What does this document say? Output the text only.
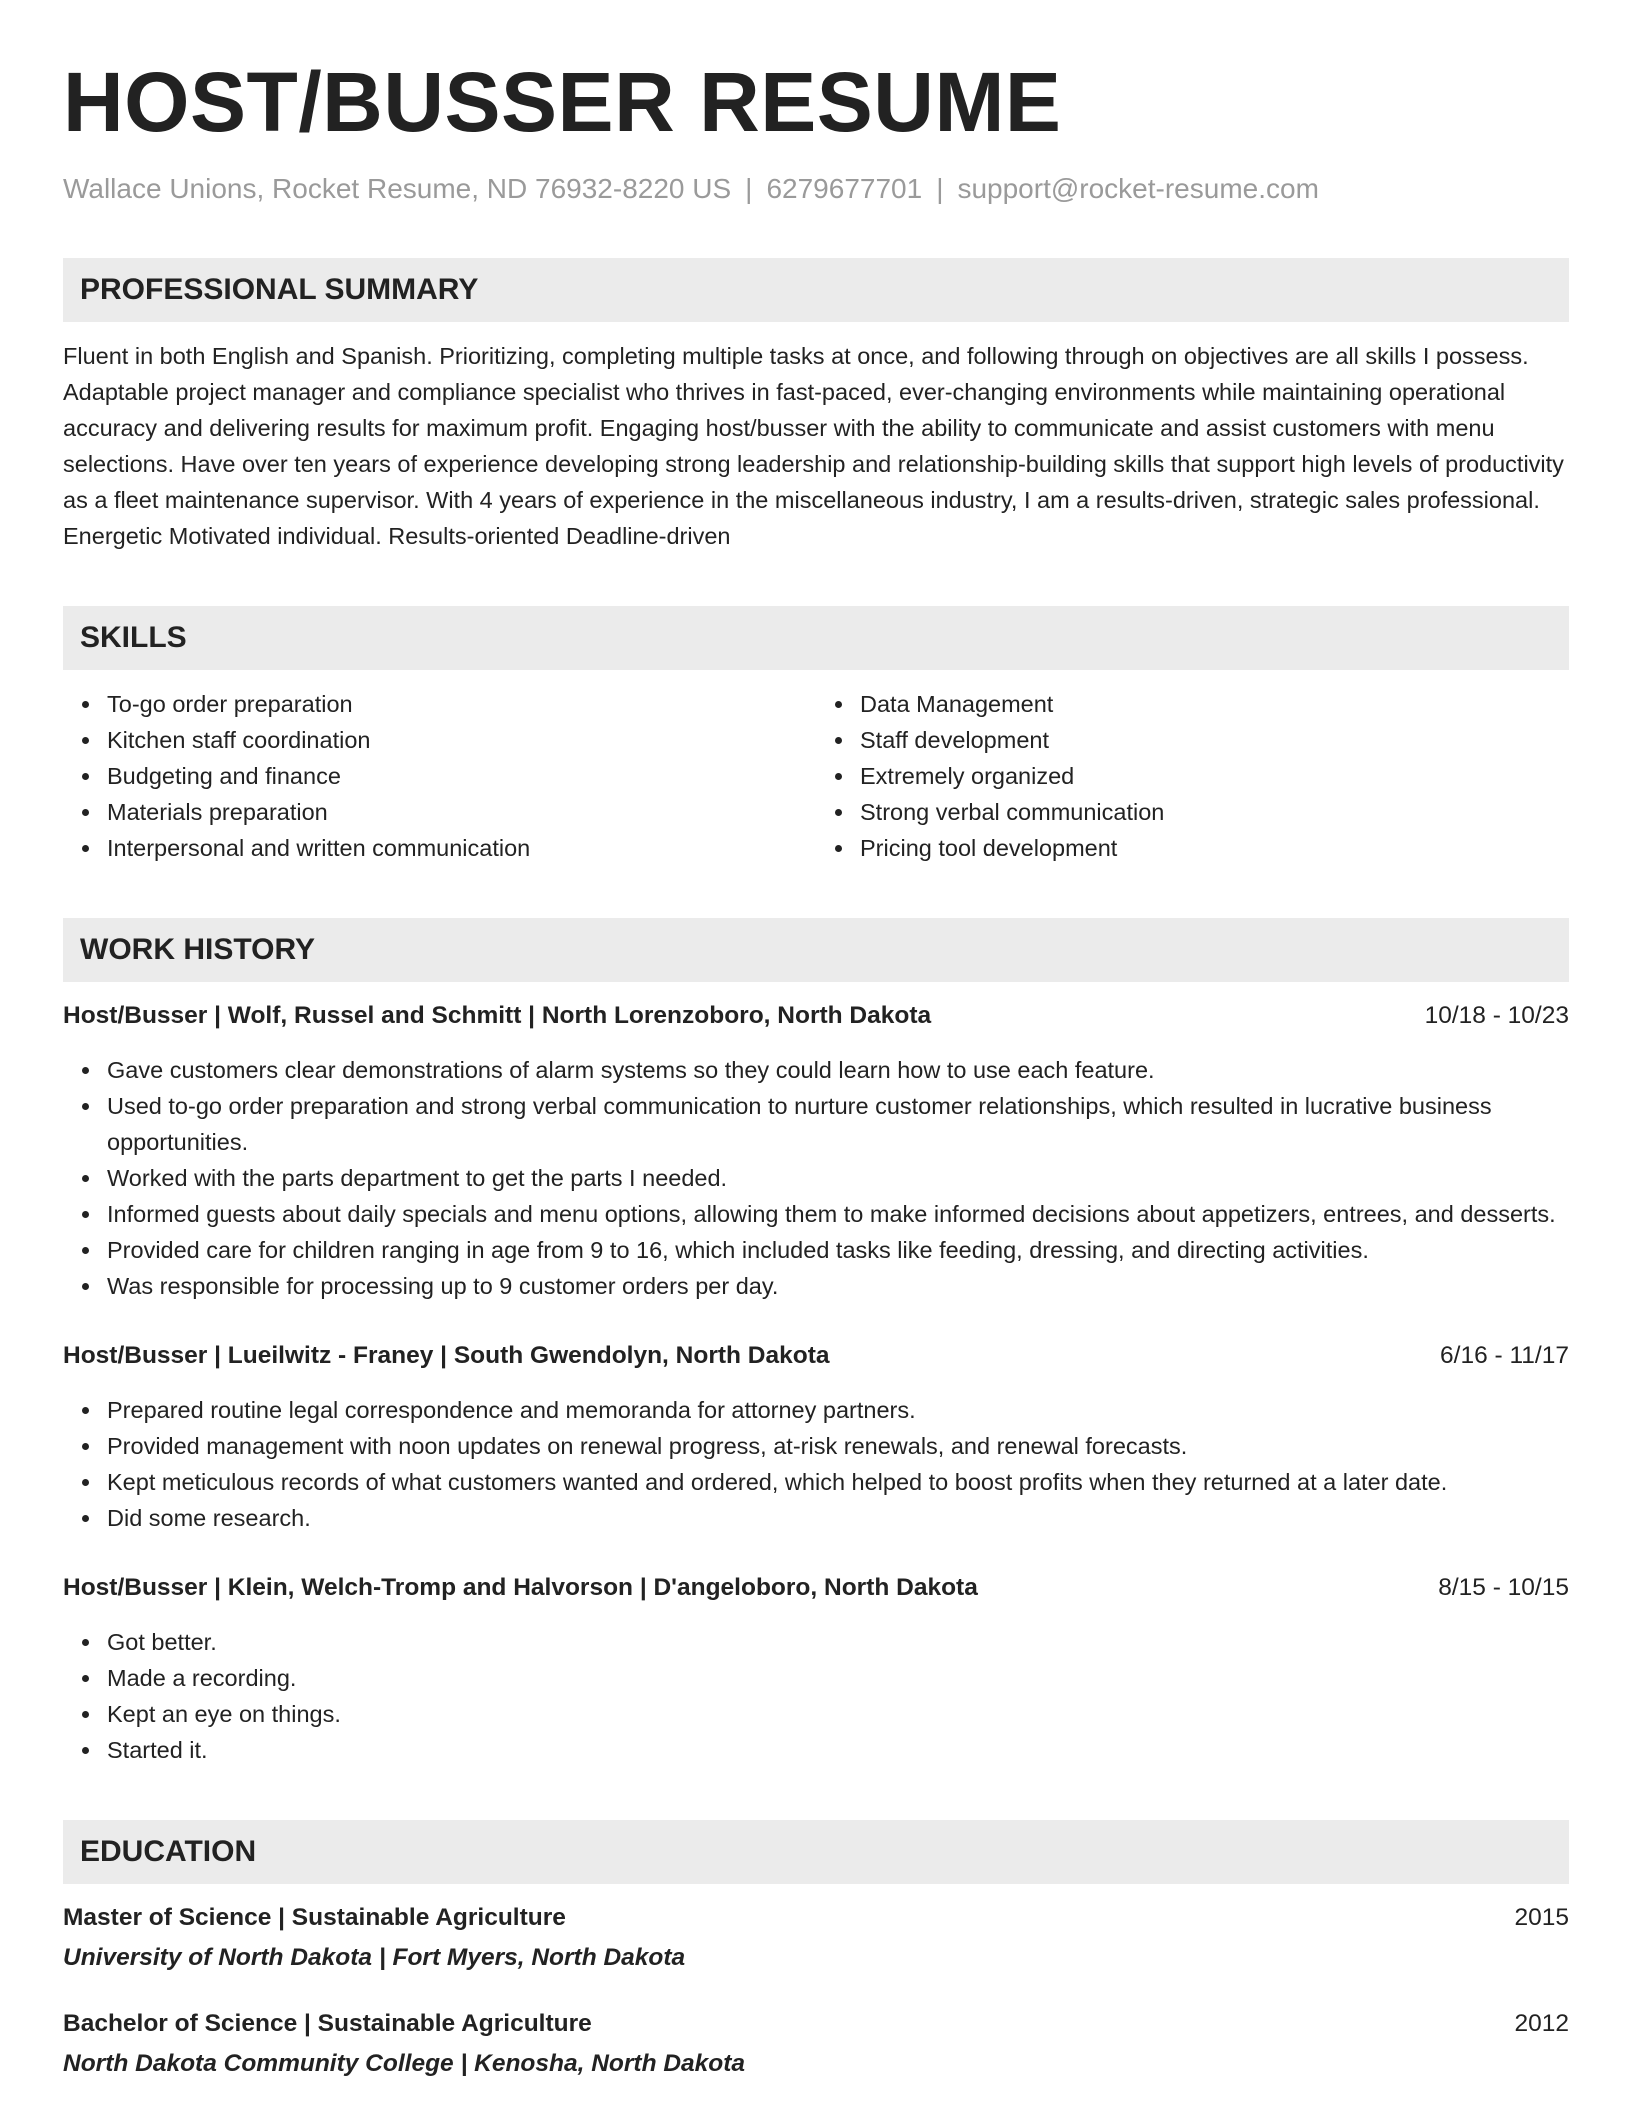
HOST/BUSSER RESUME
Wallace Unions, Rocket Resume, ND 76932-8220 US | 6279677701 | support@rocket-resume.com
PROFESSIONAL SUMMARY
Fluent in both English and Spanish. Prioritizing, completing multiple tasks at once, and following through on objectives are all skills I possess. Adaptable project manager and compliance specialist who thrives in fast-paced, ever-changing environments while maintaining operational accuracy and delivering results for maximum profit. Engaging host/busser with the ability to communicate and assist customers with menu selections. Have over ten years of experience developing strong leadership and relationship-building skills that support high levels of productivity as a fleet maintenance supervisor. With 4 years of experience in the miscellaneous industry, I am a results-driven, strategic sales professional. Energetic Motivated individual. Results-oriented Deadline-driven
SKILLS
To-go order preparation
Kitchen staff coordination
Budgeting and finance
Materials preparation
Interpersonal and written communication
Data Management
Staff development
Extremely organized
Strong verbal communication
Pricing tool development
WORK HISTORY
Host/Busser | Wolf, Russel and Schmitt | North Lorenzoboro, North Dakota	10/18 - 10/23
Gave customers clear demonstrations of alarm systems so they could learn how to use each feature.
Used to-go order preparation and strong verbal communication to nurture customer relationships, which resulted in lucrative business opportunities.
Worked with the parts department to get the parts I needed.
Informed guests about daily specials and menu options, allowing them to make informed decisions about appetizers, entrees, and desserts.
Provided care for children ranging in age from 9 to 16, which included tasks like feeding, dressing, and directing activities.
Was responsible for processing up to 9 customer orders per day.
Host/Busser | Lueilwitz - Franey | South Gwendolyn, North Dakota	6/16 - 11/17
Prepared routine legal correspondence and memoranda for attorney partners.
Provided management with noon updates on renewal progress, at-risk renewals, and renewal forecasts.
Kept meticulous records of what customers wanted and ordered, which helped to boost profits when they returned at a later date.
Did some research.
Host/Busser | Klein, Welch-Tromp and Halvorson | D'angeloboro, North Dakota	8/15 - 10/15
Got better.
Made a recording.
Kept an eye on things.
Started it.
EDUCATION
Master of Science | Sustainable Agriculture	2015
University of North Dakota | Fort Myers, North Dakota
Bachelor of Science | Sustainable Agriculture	2012
North Dakota Community College | Kenosha, North Dakota
